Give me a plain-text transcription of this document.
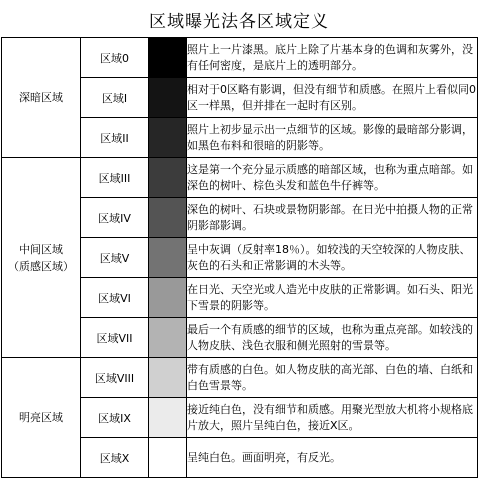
区域曝光法各区域定义
深暗区域	区域0		照片上一片漆黑。底片上除了片基本身的色调和灰雾外，没有任何密度，是底片上的透明部分。
	区域I		相对于0区略有影调，但没有细节和质感。在照片上看似同0区一样黑，但并排在一起时有区别。
	区域II		照片上初步显示出一点细节的区域。影像的最暗部分影调，如黑色布料和很暗的阴影等。

中间区域
（质感区域）	区域III		这是第一个充分显示质感的暗部区域，也称为重点暗部。如深色的树叶、棕色头发和蓝色牛仔裤等。
	区域IV		深色的树叶、石块或景物阴影部。在日光中拍摄人物的正常阴影部影调。
	区域V		呈中灰调（反射率18％）。如较浅的天空较深的人物皮肤、灰色的石头和正常影调的木头等。
	区域VI		在日光、天空光或人造光中皮肤的正常影调。如石头、阳光下雪景的阴影等。
	区域VII		最后一个有质感的细节的区域，也称为重点亮部。如较浅的人物皮肤、浅色衣服和侧光照射的雪景等。

明亮区域	区域VIII		带有质感的白色。如人物皮肤的高光部、白色的墙、白纸和白色雪景等。
	区域IX		接近纯白色，没有细节和质感。用聚光型放大机将小规格底片放大，照片呈纯白色，接近X区。
	区域X		呈纯白色。画面明亮，有反光。
